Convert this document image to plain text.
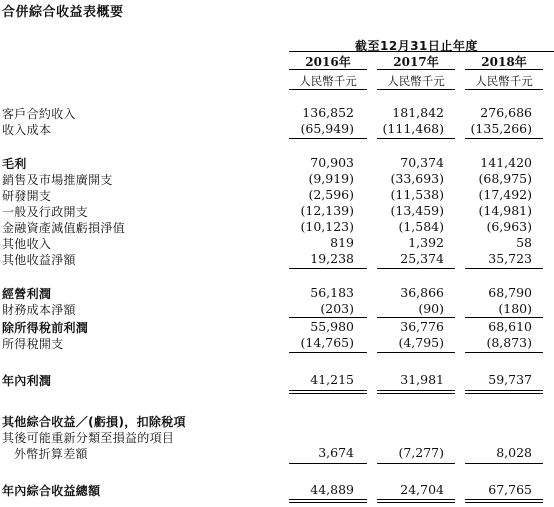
合併綜合收益表概要
截至12月31日止年度
2016年	2017年	2018年
人民幣千元	人民幣千元	人民幣千元
客戶合約收入	136,852	181,842	276,686
收入成本	(65,949)	(111,468)	(135,266)
毛利	70,903	70,374	141,420
銷售及市場推廣開支	(9,919)	(33,693)	(68,975)
研發開支	(2,596)	(11,538)	(17,492)
一般及行政開支	(12,139)	(13,459)	(14,981)
金融資產減值虧損淨值	(10,123)	(1,584)	(6,963)
其他收入	819	1,392	58
其他收益淨額	19,238	25,374	35,723
經營利潤	56,183	36,866	68,790
財務成本淨額	(203)	(90)	(180)
除所得稅前利潤	55,980	36,776	68,610
所得稅開支	(14,765)	(4,795)	(8,873)
年內利潤	41,215	31,981	59,737
其他綜合收益／(虧損)，扣除稅項
其後可能重新分類至損益的項目
外幣折算差額	3,674	(7,277)	8,028
年內綜合收益總額	44,889	24,704	67,765
